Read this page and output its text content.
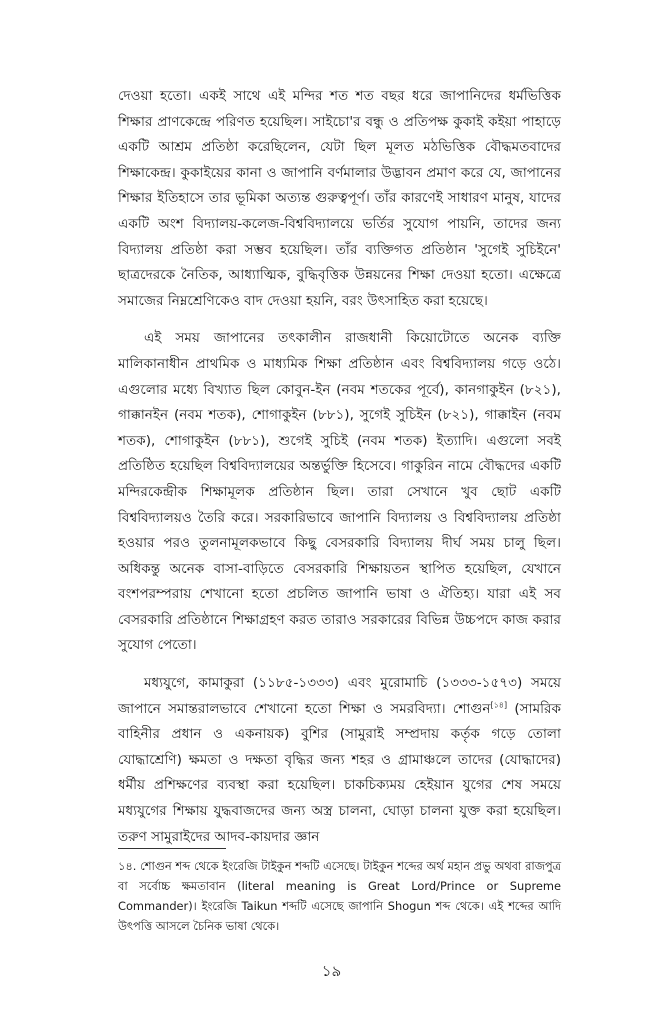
দেওয়া হতো। একই সাথে এই মন্দির শত শত বছর ধরে জাপানিদের ধর্মভিত্তিক শিক্ষার প্রাণকেন্দ্রে পরিণত হয়েছিল। সাইচো'র বন্ধু ও প্রতিপক্ষ কুকাই কইয়া পাহাড়ে একটি আশ্রম প্রতিষ্ঠা করেছিলেন, যেটা ছিল মূলত মঠভিত্তিক বৌদ্ধমতবাদের শিক্ষাকেন্দ্র। কুকাইয়ের কানা ও জাপানি বর্ণমালার উদ্ভাবন প্রমাণ করে যে, জাপানের শিক্ষার ইতিহাসে তার ভূমিকা অত্যন্ত গুরুত্বপূর্ণ। তাঁর কারণেই সাধারণ মানুষ, যাদের একটি অংশ বিদ্যালয়-কলেজ-বিশ্ববিদ্যালয়ে ভর্তির সুযোগ পায়নি, তাদের জন্য বিদ্যালয় প্রতিষ্ঠা করা সম্ভব হয়েছিল। তাঁর ব্যক্তিগত প্রতিষ্ঠান 'সুগেই সুচিইনে' ছাত্রদেরকে নৈতিক, আধ্যাত্মিক, বুদ্ধিবৃত্তিক উন্নয়নের শিক্ষা দেওয়া হতো। এক্ষেত্রে সমাজের নিম্নশ্রেণিকেও বাদ দেওয়া হয়নি, বরং উৎসাহিত করা হয়েছে।

এই সময় জাপানের তৎকালীন রাজধানী কিয়োটোতে অনেক ব্যক্তি মালিকানাধীন প্রাথমিক ও মাধ্যমিক শিক্ষা প্রতিষ্ঠান এবং বিশ্ববিদ্যালয় গড়ে ওঠে। এগুলোর মধ্যে বিখ্যাত ছিল কোবুন-ইন (নবম শতকের পূর্বে), কানগাকুইন (৮২১), গাক্কানইন (নবম শতক), শোগাকুইন (৮৮১), সুগেই সুচিইন (৮২১), গাক্কাইন (নবম শতক), শোগাকুইন (৮৮১), শুগেই সুচিই (নবম শতক) ইত্যাদি। এগুলো সবই প্রতিষ্ঠিত হয়েছিল বিশ্ববিদ্যালয়ের অন্তর্ভুক্তি হিসেবে। গাকুরিন নামে বৌদ্ধদের একটি মন্দিরকেন্দ্রীক শিক্ষামূলক প্রতিষ্ঠান ছিল। তারা সেখানে খুব ছোট একটি বিশ্ববিদ্যালয়ও তৈরি করে। সরকারিভাবে জাপানি বিদ্যালয় ও বিশ্ববিদ্যালয় প্রতিষ্ঠা হওয়ার পরও তুলনামূলকভাবে কিছু বেসরকারি বিদ্যালয় দীর্ঘ সময় চালু ছিল। অধিকন্তু অনেক বাসা-বাড়িতে বেসরকারি শিক্ষায়তন স্থাপিত হয়েছিল, যেখানে বংশপরম্পরায় শেখানো হতো প্রচলিত জাপানি ভাষা ও ঐতিহ্য। যারা এই সব বেসরকারি প্রতিষ্ঠানে শিক্ষাগ্রহণ করত তারাও সরকারের বিভিন্ন উচ্চপদে কাজ করার সুযোগ পেতো।

মধ্যযুগে, কামাকুরা (১১৮৫-১৩৩৩) এবং মুরোমাচি (১৩৩৩-১৫৭৩) সময়ে জাপানে সমান্তরালভাবে শেখানো হতো শিক্ষা ও সমরবিদ্যা। শোগুন[১৪] (সামরিক বাহিনীর প্রধান ও একনায়ক) বুশির (সামুরাই সম্প্রদায় কর্তৃক গড়ে তোলা যোদ্ধাশ্রেণি) ক্ষমতা ও দক্ষতা বৃদ্ধির জন্য শহর ও গ্রামাঞ্চলে তাদের (যোদ্ধাদের) ধর্মীয় প্রশিক্ষণের ব্যবস্থা করা হয়েছিল। চাকচিক্যময় হেইয়ান যুগের শেষ সময়ে মধ্যযুগের শিক্ষায় যুদ্ধবাজদের জন্য অস্ত্র চালনা, ঘোড়া চালনা যুক্ত করা হয়েছিল। তরুণ সামুরাইদের আদব-কায়দার জ্ঞান

১৪. শোগুন শব্দ থেকে ইংরেজি টাইকুন শব্দটি এসেছে। টাইকুন শব্দের অর্থ মহান প্রভু অথবা রাজপুত্র বা সর্বোচ্চ ক্ষমতাবান (literal meaning is Great Lord/Prince or Supreme Commander)। ইংরেজি Taikun শব্দটি এসেছে জাপানি Shogun শব্দ থেকে। এই শব্দের আদি উৎপত্তি আসলে চৈনিক ভাষা থেকে।

১৯
